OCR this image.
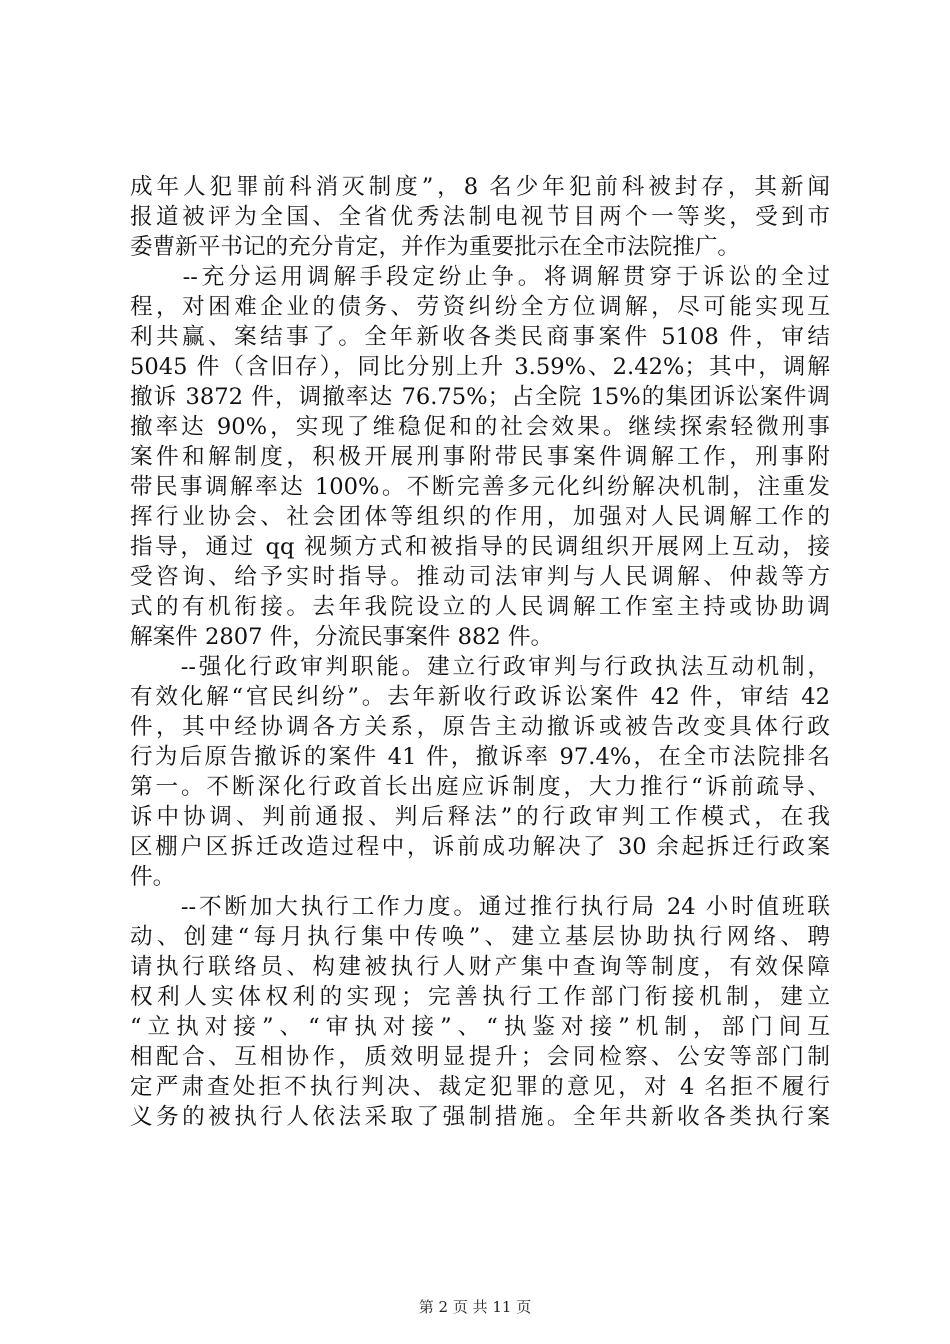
成年人犯罪前科消灭制度”，8 名少年犯前科被封存，其新闻
报道被评为全国、全省优秀法制电视节目两个一等奖，受到市
委曹新平书记的充分肯定，并作为重要批示在全市法院推广。
　　--充分运用调解手段定纷止争。将调解贯穿于诉讼的全过
程，对困难企业的债务、劳资纠纷全方位调解，尽可能实现互
利共赢、案结事了。全年新收各类民商事案件 5108 件，审结
5045 件（含旧存），同比分别上升 3.59%、2.42%；其中，调解
撤诉 3872 件，调撤率达 76.75%；占全院 15%的集团诉讼案件调
撤率达 90%，实现了维稳促和的社会效果。继续探索轻微刑事
案件和解制度，积极开展刑事附带民事案件调解工作，刑事附
带民事调解率达 100%。不断完善多元化纠纷解决机制，注重发
挥行业协会、社会团体等组织的作用，加强对人民调解工作的
指导，通过 qq 视频方式和被指导的民调组织开展网上互动，接
受咨询、给予实时指导。推动司法审判与人民调解、仲裁等方
式的有机衔接。去年我院设立的人民调解工作室主持或协助调
解案件 2807 件，分流民事案件 882 件。
　　--强化行政审判职能。建立行政审判与行政执法互动机制，
有效化解“官民纠纷”。去年新收行政诉讼案件 42 件，审结 42
件，其中经协调各方关系，原告主动撤诉或被告改变具体行政
行为后原告撤诉的案件 41 件，撤诉率 97.4%，在全市法院排名
第一。不断深化行政首长出庭应诉制度，大力推行“诉前疏导、
诉中协调、判前通报、判后释法”的行政审判工作模式，在我
区棚户区拆迁改造过程中，诉前成功解决了 30 余起拆迁行政案
件。
　　--不断加大执行工作力度。通过推行执行局 24 小时值班联
动、创建“每月执行集中传唤”、建立基层协助执行网络、聘
请执行联络员、构建被执行人财产集中查询等制度，有效保障
权利人实体权利的实现；完善执行工作部门衔接机制，建立
“立执对接”、“审执对接”、“执鉴对接”机制，部门间互
相配合、互相协作，质效明显提升；会同检察、公安等部门制
定严肃查处拒不执行判决、裁定犯罪的意见，对 4 名拒不履行
义务的被执行人依法采取了强制措施。全年共新收各类执行案
第 2 页 共 11 页
